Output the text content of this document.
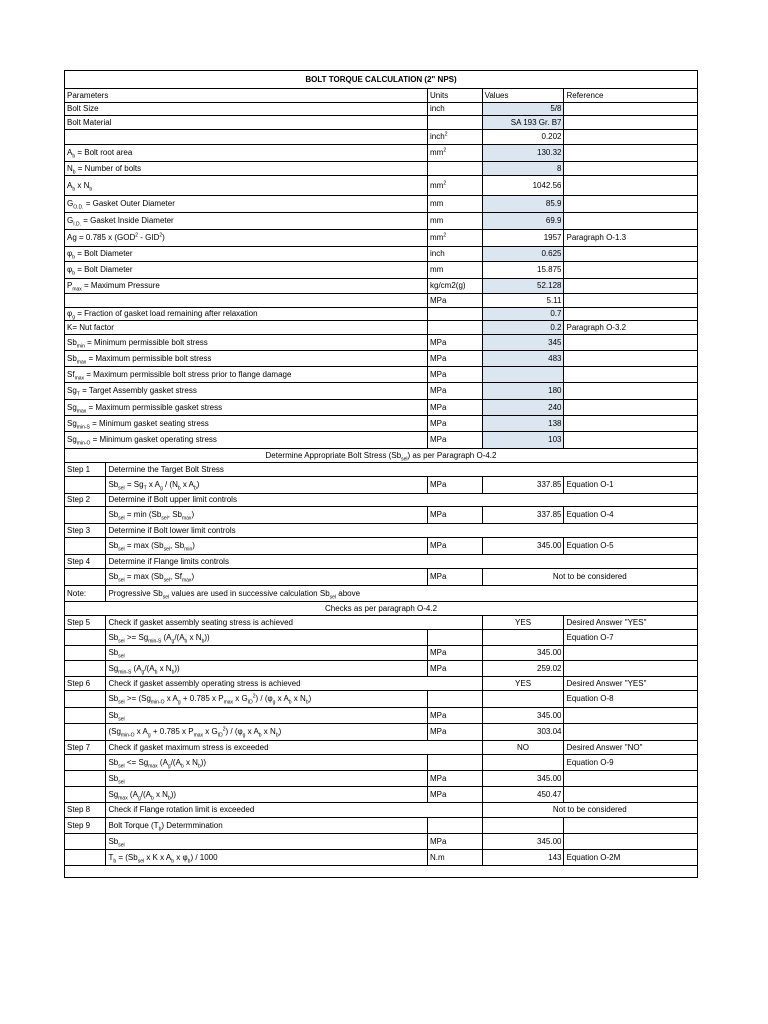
BOLT TORQUE CALCULATION (2" NPS)				
Parameters		Units	Values	Reference
Bolt Size		inch	5/8	
Bolt Material			SA 193 Gr. B7	
		inch$^2$	0.202	
$A_b$ = Bolt root area		$mm^2$	130.32	
$N_b$ = Number of bolts			8	
$A_b$ x $N_b$		$mm^2$	1042.56	
$G_{O.D.}$ = Gasket Outer Diameter		mm	85.9	
$G_{I.D.}$ = Gasket Inside Diameter		mm	69.9	
Ag = 0.785 x (GOD$^2$ - GID$^2$)		$mm^2$	1957	Paragraph O-1.3
$\varphi_b$ = Bolt Diameter		inch	0.625	
$\varphi_b$ = Bolt Diameter		mm	15.875	
$P_{max}$ = Maximum Pressure		kg/cm2(g)	52.128	
		MPa	5.11	
$\varphi_g$ = Fraction of gasket load remaining after relaxation			0.7	
K= Nut factor			0.2	Paragraph O-3.2
$Sb_{min}$ = Minimum permissible bolt stress		MPa	345	
$Sb_{max}$ = Maximum permissible bolt stress		MPa	483	
$Sf_{max}$ = Maximum permissible bolt stress prior to flange damage		MPa		
$Sg_T$ = Target Assembly gasket stress		MPa	180	
$Sg_{max}$ = Maximum permissible gasket stress		MPa	240	
$Sg_{min-S}$ = Minimum gasket seating stress		MPa	138	
$Sg_{min-O}$ = Minimum gasket operating stress		MPa	103	
Determine Appropriate Bolt Stress $(Sb_{sel})$ as per Paragraph O-4.2				
Step 1	Determine the Target Bolt Stress			
	$Sb_{sel} = Sg_T$ x $A_g / (N_b$ x $A_b$)	MPa	337.85	Equation O-1
Step 2	Determine if Bolt upper limit controls			
	$Sb_{sel} = \min (Sb_{sel}$, $Sb_{max}$)	MPa	337.85	Equation O-4
Step 3	Determine if Bolt lower limit controls			
	$Sb_{sel} = \max (Sb_{sel}$, $Sb_{min}$)	MPa	345.00	Equation O-5
Step 4	Determine if Flange limits controls			
	$Sb_{sel} = \max (Sb_{sel}$, $Sf_{max}$)	MPa	Not to be considered	
Note:	Progressive $Sb_{sel}$ values are used in successive calculation $Sb_{sel}$ above			
Checks as per paragraph O-4.2				
Step 5	Check if gasket assembly seating stress is achieved		YES	Desired Answer "YES"
	$Sb_{sel} >= Sg_{min-S}$ ($A_g/(A_b$ x $N_b$))			Equation O-7
	$Sb_{sel}$	MPa	345.00	
	$Sg_{min-S}$ ($A_g/(A_b$ x $N_b$))	MPa	259.02	
Step 6	Check if gasket assembly operating stress is achieved		YES	Desired Answer "YES"
	$Sb_{sel} >= (Sg_{min-O}$ x $A_g + 0.785$ x $P_{max}$ x $G_{ID}^2) / (\varphi_g$ x $A_b$ x $N_b$)			Equation O-8
	$Sb_{sel}$	MPa	345.00	
	($Sg_{min-O}$ x $A_g + 0.785$ x $P_{max}$ x $G_{ID}^2) / (\varphi_g$ x $A_b$ x $N_b$)	MPa	303.04	
Step 7	Check if gasket maximum stress is exceeded		NO	Desired Answer "NO"
	$Sb_{sel} <= Sg_{max}$ ($A_g/(A_b$ x $N_b$))			Equation O-9
	$Sb_{sel}$	MPa	345.00	
	$Sg_{max}$ ($A_g/(A_b$ x $N_b$))	MPa	450.47	
Step 8	Check if Flange rotation limit is exceeded		Not to be considered	
Step 9	Bolt Torque $(T_b)$ Determmination			
	$Sb_{sel}$	MPa	345.00	
	$T_b = (Sb_{sel}$ x K x $A_b$ x $\varphi_b) / 1000$	N.m	143	Equation O-2M
